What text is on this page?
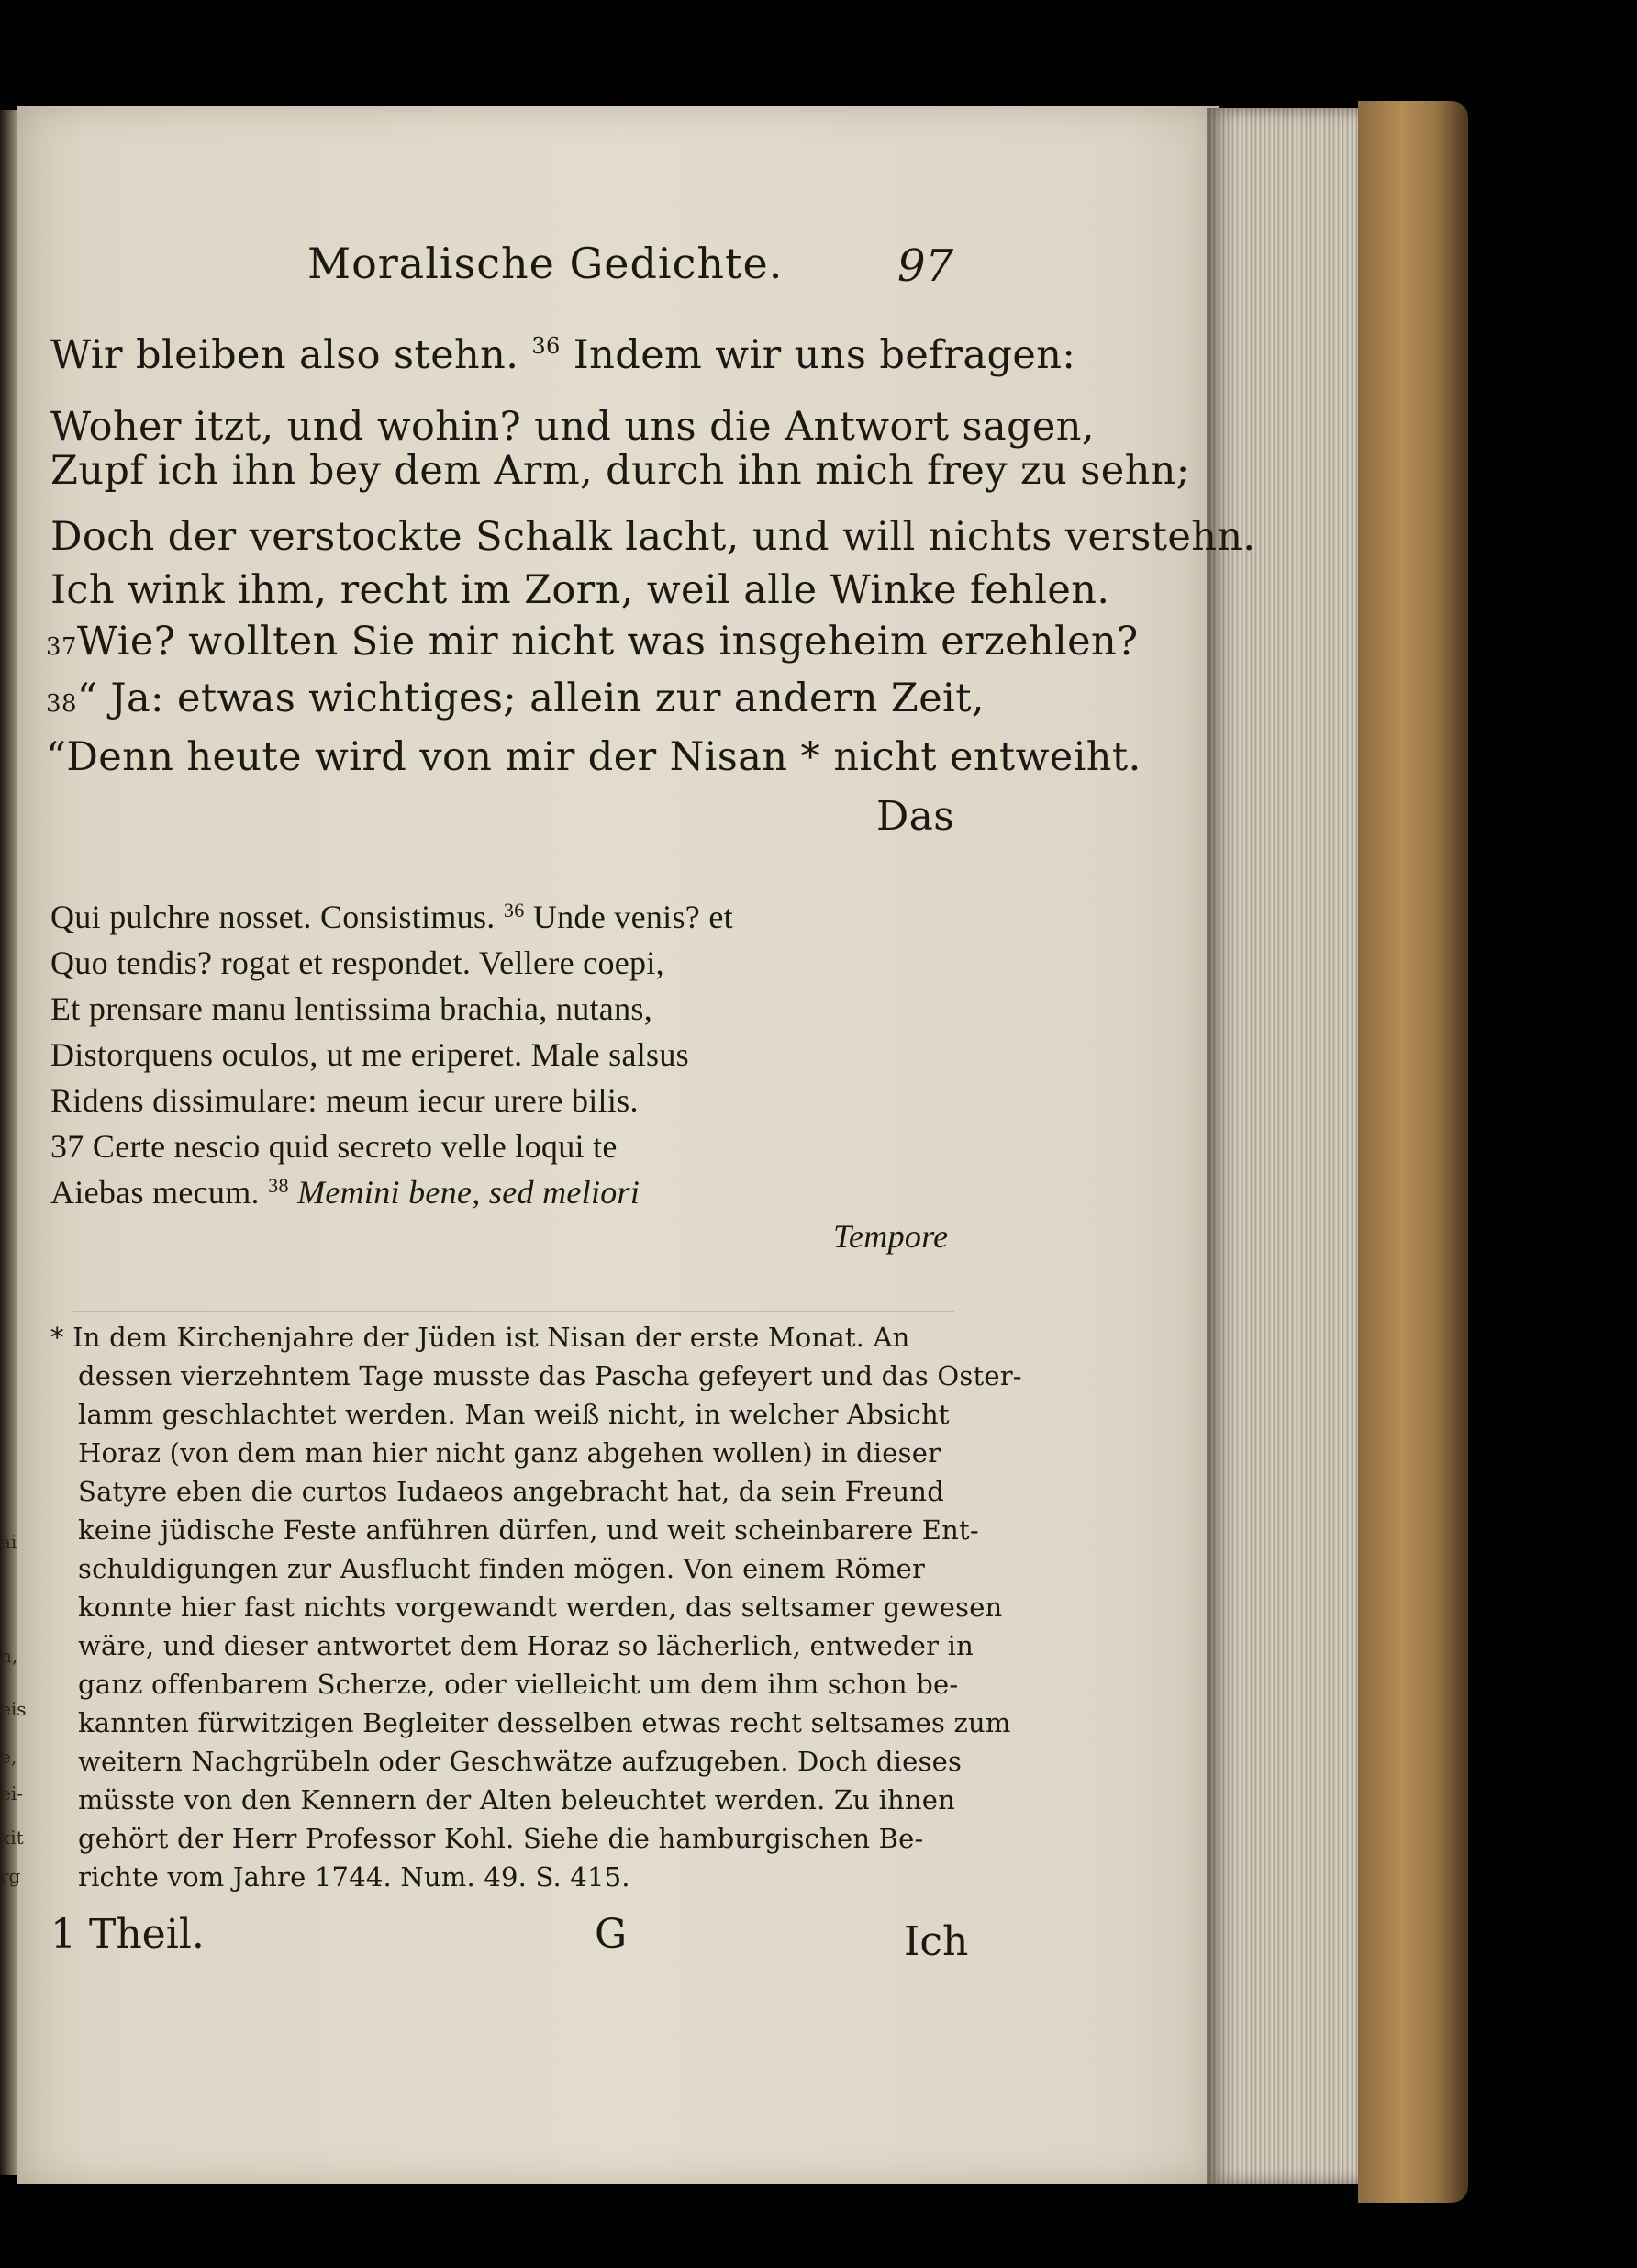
ai
n,
eis
e,
ei‐
xit
rg
Moralische Gedichte.	97
Wir bleiben also stehn. $^{36}$ Indem wir uns befragen:
Woher itzt, und wohin? und uns die Antwort sagen,
Zupf ich ihn bey dem Arm, durch ihn mich frey zu sehn;
Doch der verstockte Schalk lacht, und will nichts verstehn.
Ich wink ihm, recht im Zorn, weil alle Winke fehlen.
37Wie? wollten Sie mir nicht was insgeheim erzehlen?
38“ Ja: etwas wichtiges; allein zur andern Zeit,
“Denn heute wird von mir der Nisan * nicht entweiht.
Das
Qui pulchre nosset. Consistimus. $^{36}$ Unde venis? et
Quo tendis? rogat et respondet. Vellere coepi,
Et prensare manu lentissima brachia, nutans,
Distorquens oculos, ut me eriperet. Male salsus
Ridens dissimulare: meum iecur urere bilis.
37 Certe nescio quid secreto velle loqui te
Aiebas mecum. $^{38}$ Memini bene, sed meliori
Tempore
* In dem Kirchenjahre der Jüden ist Nisan der erste Monat. An
dessen vierzehntem Tage musste das Pascha gefeyert und das Oster‐
lamm geschlachtet werden. Man weiß nicht, in welcher Absicht
Horaz (von dem man hier nicht ganz abgehen wollen) in dieser
Satyre eben die curtos Iudaeos angebracht hat, da sein Freund
keine jüdische Feste anführen dürfen, und weit scheinbarere Ent‐
schuldigungen zur Ausflucht finden mögen. Von einem Römer
konnte hier fast nichts vorgewandt werden, das seltsamer gewesen
wäre, und dieser antwortet dem Horaz so lächerlich, entweder in
ganz offenbarem Scherze, oder vielleicht um dem ihm schon be‐
kannten fürwitzigen Begleiter desselben etwas recht seltsames zum
weitern Nachgrübeln oder Geschwätze aufzugeben. Doch dieses
müsste von den Kennern der Alten beleuchtet werden. Zu ihnen
gehört der Herr Professor Kohl. Siehe die hamburgischen Be‐
richte vom Jahre 1744. Num. 49. S. 415.
1 Theil.	G	Ich
